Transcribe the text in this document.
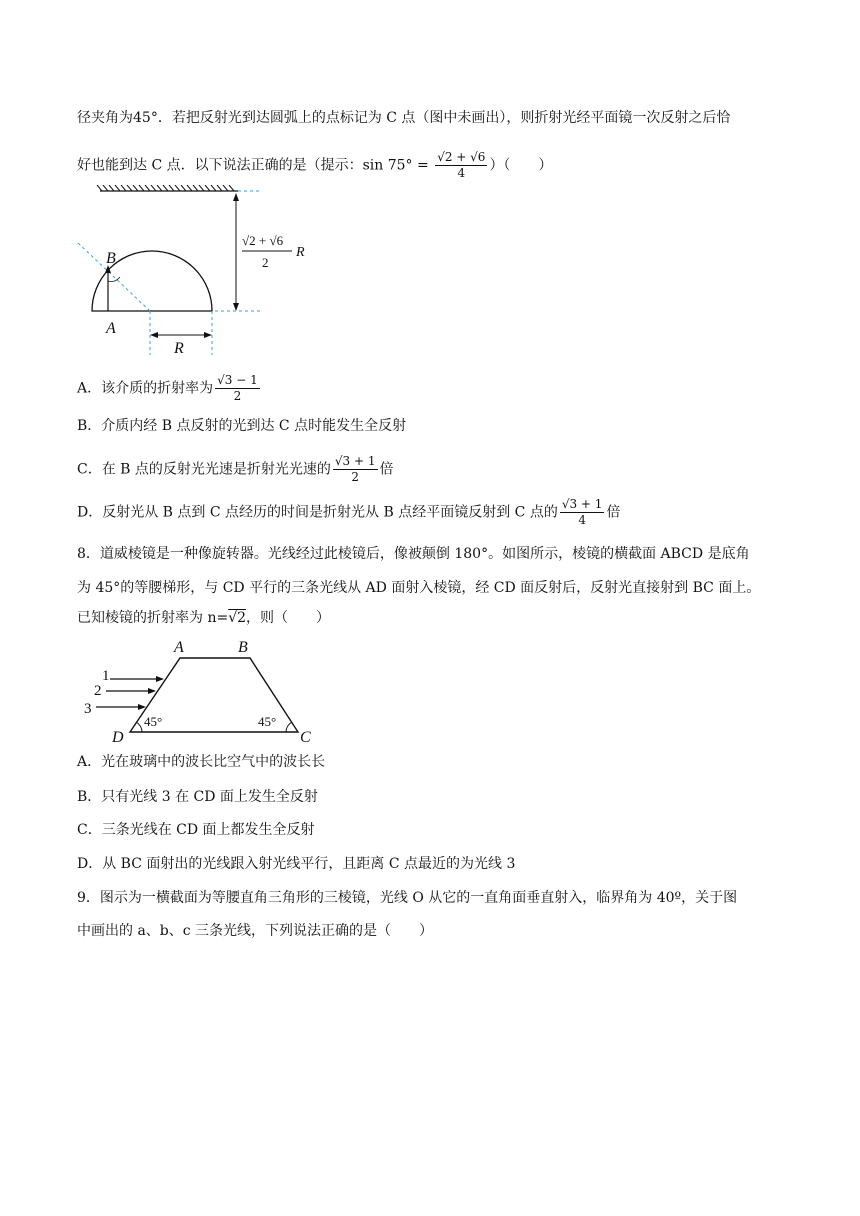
径夹角为45°．若把反射光到达圆弧上的点标记为 C 点（图中未画出），则折射光经平面镜一次反射之后恰
好也能到达 C 点．以下说法正确的是（提示：$\sin 75^\circ = \frac{√2 + √6}{4}$ ）（　　）
B
A
R
√2 + √6
2
R
A．该介质的折射率为 $\frac{√3 - 1}{2}$
B．介质内经 B 点反射的光到达 C 点时能发生全反射
C．在 B 点的反射光光速是折射光光速的 $\frac{√3 + 1}{2}$ 倍
D．反射光从 B 点到 C 点经历的时间是折射光从 B 点经平面镜反射到 C 点的 $\frac{√3 + 1}{4}$ 倍
8．道威棱镜是一种像旋转器。光线经过此棱镜后，像被颠倒 180°。如图所示，棱镜的横截面 ABCD 是底角
为 45°的等腰梯形，与 CD 平行的三条光线从 AD 面射入棱镜，经 CD 面反射后，反射光直接射到 BC 面上。
已知棱镜的折射率为 n=√2，则（　　）
A	B
C
D
1
2
3
45°	45°
A．光在玻璃中的波长比空气中的波长长
B．只有光线 3 在 CD 面上发生全反射
C．三条光线在 CD 面上都发生全反射
D．从 BC 面射出的光线跟入射光线平行，且距离 C 点最近的为光线 3
9．图示为一横截面为等腰直角三角形的三棱镜，光线 O 从它的一直角面垂直射入，临界角为 40º，关于图
中画出的 a、b、c 三条光线，下列说法正确的是（　　）
